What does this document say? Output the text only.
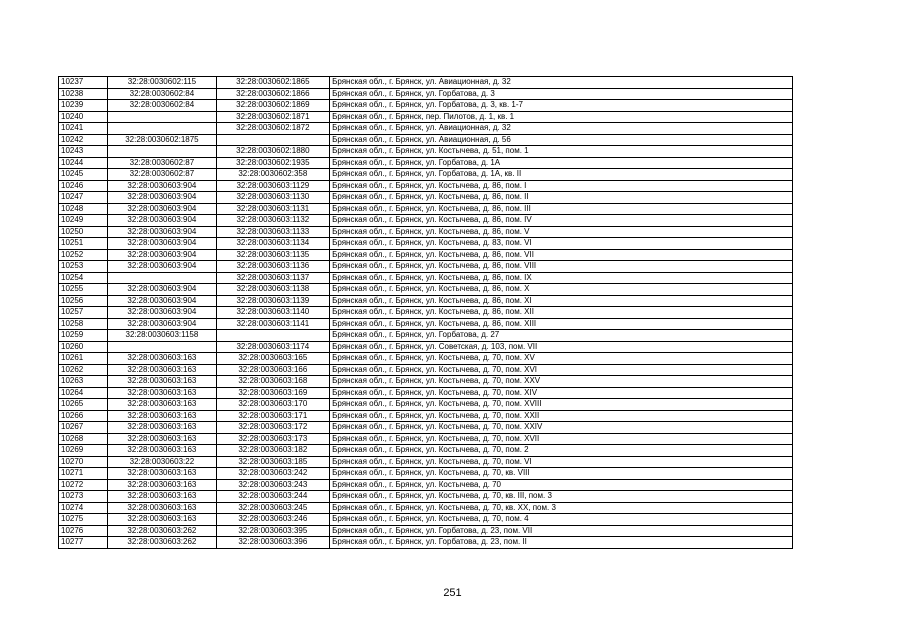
10237	32:28:0030602:115	32:28:0030602:1865	Брянская обл., г. Брянск, ул. Авиационная, д. 32
10238	32:28:0030602:84	32:28:0030602:1866	Брянская обл., г. Брянск, ул. Горбатова, д. 3
10239	32:28:0030602:84	32:28:0030602:1869	Брянская обл., г. Брянск, ул. Горбатова, д. 3, кв. 1-7
10240		32:28:0030602:1871	Брянская обл., г. Брянск, пер. Пилотов, д. 1, кв. 1
10241		32:28:0030602:1872	Брянская обл., г. Брянск, ул. Авиационная, д. 32
10242	32:28:0030602:1875		Брянская обл., г. Брянск, ул. Авиационная, д. 56
10243		32:28:0030602:1880	Брянская обл., г. Брянск, ул. Костычева, д. 51, пом. 1
10244	32:28:0030602:87	32:28:0030602:1935	Брянская обл., г. Брянск, ул. Горбатова, д. 1А
10245	32:28:0030602:87	32:28:0030602:358	Брянская обл., г. Брянск, ул. Горбатова, д. 1А, кв. II
10246	32:28:0030603:904	32:28:0030603:1129	Брянская обл., г. Брянск, ул. Костычева, д. 86, пом. I
10247	32:28:0030603:904	32:28:0030603:1130	Брянская обл., г. Брянск, ул. Костычева, д. 86, пом. II
10248	32:28:0030603:904	32:28:0030603:1131	Брянская обл., г. Брянск, ул. Костычева, д. 86, пом. III
10249	32:28:0030603:904	32:28:0030603:1132	Брянская обл., г. Брянск, ул. Костычева, д. 86, пом. IV
10250	32:28:0030603:904	32:28:0030603:1133	Брянская обл., г. Брянск, ул. Костычева, д. 86, пом. V
10251	32:28:0030603:904	32:28:0030603:1134	Брянская обл., г. Брянск, ул. Костычева, д. 83, пом. VI
10252	32:28:0030603:904	32:28:0030603:1135	Брянская обл., г. Брянск, ул. Костычева, д. 86, пом. VII
10253	32:28:0030603:904	32:28:0030603:1136	Брянская обл., г. Брянск, ул. Костычева, д. 86, пом. VIII
10254		32:28:0030603:1137	Брянская обл., г. Брянск, ул. Костычева, д. 86, пом. IX
10255	32:28:0030603:904	32:28:0030603:1138	Брянская обл., г. Брянск, ул. Костычева, д. 86, пом. X
10256	32:28:0030603:904	32:28:0030603:1139	Брянская обл., г. Брянск, ул. Костычева, д. 86, пом. XI
10257	32:28:0030603:904	32:28:0030603:1140	Брянская обл., г. Брянск, ул. Костычева, д. 86, пом. XII
10258	32:28:0030603:904	32:28:0030603:1141	Брянская обл., г. Брянск, ул. Костычева, д. 86, пом. XIII
10259	32:28:0030603:1158		Брянская обл., г. Брянск, ул. Горбатова, д. 27
10260		32:28:0030603:1174	Брянская обл., г. Брянск, ул. Советская, д. 103, пом. VII
10261	32:28:0030603:163	32:28:0030603:165	Брянская обл., г. Брянск, ул. Костычева, д. 70, пом. XV
10262	32:28:0030603:163	32:28:0030603:166	Брянская обл., г. Брянск, ул. Костычева, д. 70, пом. XVI
10263	32:28:0030603:163	32:28:0030603:168	Брянская обл., г. Брянск, ул. Костычева, д. 70, пом. XXV
10264	32:28:0030603:163	32:28:0030603:169	Брянская обл., г. Брянск, ул. Костычева, д. 70, пом. XIV
10265	32:28:0030603:163	32:28:0030603:170	Брянская обл., г. Брянск, ул. Костычева, д. 70, пом. XVIII
10266	32:28:0030603:163	32:28:0030603:171	Брянская обл., г. Брянск, ул. Костычева, д. 70, пом. XXII
10267	32:28:0030603:163	32:28:0030603:172	Брянская обл., г. Брянск, ул. Костычева, д. 70, пом. XXIV
10268	32:28:0030603:163	32:28:0030603:173	Брянская обл., г. Брянск, ул. Костычева, д. 70, пом. XVII
10269	32:28:0030603:163	32:28:0030603:182	Брянская обл., г. Брянск, ул. Костычева, д. 70, пом. 2
10270	32:28:0030603:22	32:28:0030603:185	Брянская обл., г. Брянск, ул. Костычева, д. 70, пом. VI
10271	32:28:0030603:163	32:28:0030603:242	Брянская обл., г. Брянск, ул. Костычева, д. 70, кв. VIII
10272	32:28:0030603:163	32:28:0030603:243	Брянская обл., г. Брянск, ул. Костычева, д. 70
10273	32:28:0030603:163	32:28:0030603:244	Брянская обл., г. Брянск, ул. Костычева, д. 70, кв. III, пом. 3
10274	32:28:0030603:163	32:28:0030603:245	Брянская обл., г. Брянск, ул. Костычева, д. 70, кв. XX, пом. 3
10275	32:28:0030603:163	32:28:0030603:246	Брянская обл., г. Брянск, ул. Костычева, д. 70, пом. 4
10276	32:28:0030603:262	32:28:0030603:395	Брянская обл., г. Брянск, ул. Горбатова, д. 23, пом. VII
10277	32:28:0030603:262	32:28:0030603:396	Брянская обл., г. Брянск, ул. Горбатова, д. 23, пом. II
251
